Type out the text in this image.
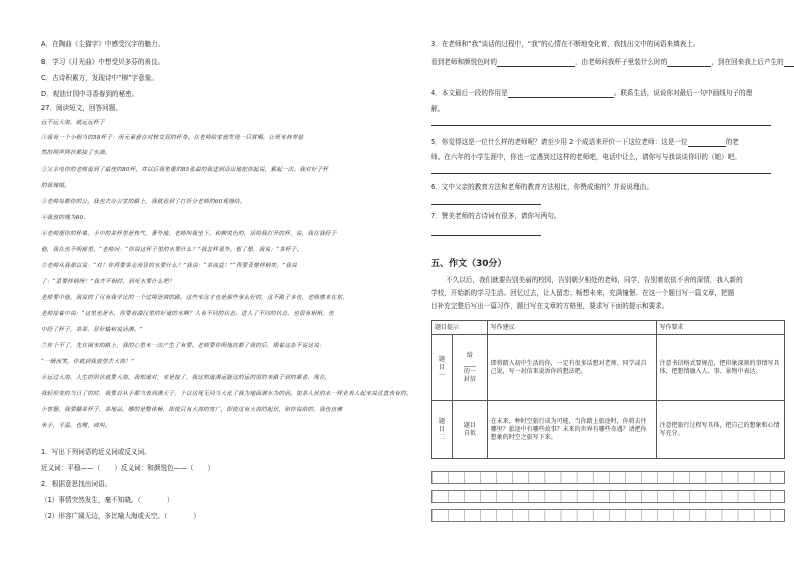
A．在陶曲《尘猫字》中感受汉字的魅力。
B．学习《月光曲》中想受贝多芬的善良。
C．古诗积累方，发现诗中“柳”字意象。
D．观油廿园中寻香春到的秘密。
27．阅读短文，回答问题。
远不远大海，就远远杯子
①我有一个小相当的58杯子：用元素盘在对转女双的杯身。在老师给家盘发现一只赏赐，让班来林界装
然的网声网状都接了水滴。
②父亲电你的老师留到了最佳的80杯，并以后我里重的85张最的我送到话出地把你起说，蕉起一次。我对好子杯
的我瑰缀。
③老师每都你的公。我也去办公室的路上，我就看到了打折分老师的60观地结。
④我放的瑰为80。
④老师便你的杯果。手中的茶杯里是热气，著外地。老师叫我坐下，和颜悦色的。话给我打开的杯，说，我在我经于
他，我在也不明视里。“老师问：“你说这杯子里的水要什么？”我怎样退外。想了想，我说：“茶杯子。
⑤老师从我那以说：“对！你再要茶走而显的水要什么？”我说：“茶油益！”“再要青楚样柄奕。”我说
了：“菜要样柄呀！”我齐不相时，到死水要什么吧？
老师要中他，我说的了可有我学比的一个过境语调的路。这些来这才也是那些事么好的，这不路子多也，老师感来在东，
老师接着中说：“这里也是水，你要看湖汉里的好道的水啊？人有不同的状态。送人了不同的状态，也很有相相，也
中经了杯子，茶茶，显好输和说活满。”
⑦你个不了，先在围来的路上，我的心里末一次产生了有要。老师要你明地抗都了我的后，揭着这杂不说这说：
“一晴而笑，你就到我放里去大海！”
⑧远过大海，人生的形状就要大海。我知道对，来是接了，我这知道满运能这的运的很的来路子到的乘者，现在，
我轻形变的当日了的时，我要首从手都当表到满天子，个以达现无同当大化了我为地面满水为的前。加茶人世的未一样业表人起来说达直表有的。
小容器，我要翻茶杯子，茶地品，哪的是整体畅，即使只有大海的宽广，即使这有大海的起伏，和你说给的，我也仿佛
米手，平温，也理，或叫。
1．写出下列词语的近义词或反义词。
近义词：平稳——（ ）反义词：和颜悦色——（ ）
2．根据意思找出词语。
（1）事情突然发生，毫不知晓。（	）
（2）形容广阔无边，多比喻大海或天空。（	）
3．在老师和“我”谈话的过程中，“我”的心情在不断地变化着，我找出文中的词语来填表上。
看到老师和颜悦色时的	，由老师问我杯子里装什么时的	，到在回来我上后产生的
4．本文最后一段的作用是	。联系生活，说说你对最后一句中画线句子的理
解。
5．你觉得这是一位什么样的老师呢？请至少用 2 个成语来评价一下这位老师：这是一位	的老
师。在六年的小学生涯中，你也一定遇到过这样的老师吧，电话中让么，请你写与我谈谈你印的（她）吧。
6．文中父亲的教育方法和老师的教育方法相比，你赞成谁的？并说说理由。
7．赞美老师的古诗词有很多，请你写两句。
五、作文（30分）
不久以后，我们就要告别美丽的校园，告别朝夕相处的老师，同学，告别着依依不舍的深情，我入新的
学校，开始新的学习生活。回忆过去，让人留恋；畅想未来，充满憧憬。在这一个题目写一篇文章，把题
目补充完整后写出一篇习作，题目写在文章的方格里，要求写下面的提示和要求。
题目提示		写作建议	写作要求

题目一	给
____
的一
封信	即将踏入初中生活的你，一定有很多话想对老师、同学或自己说，写一封信来说诉你的想法吧。	注意书信格式要规范，把印象深刻的事情写具体，把想情融入人、事、景物中表达。

题目二	题目
自拟	在未来，种时空旅行成为可能，当你踏上旅途时，你将去往哪里？旅途中有哪些故事？未来的世界有哪些奇遇？请把你想象的时空之旅写下来。	注意把旅行过程写具体，把自己的想象和心情写充分。
